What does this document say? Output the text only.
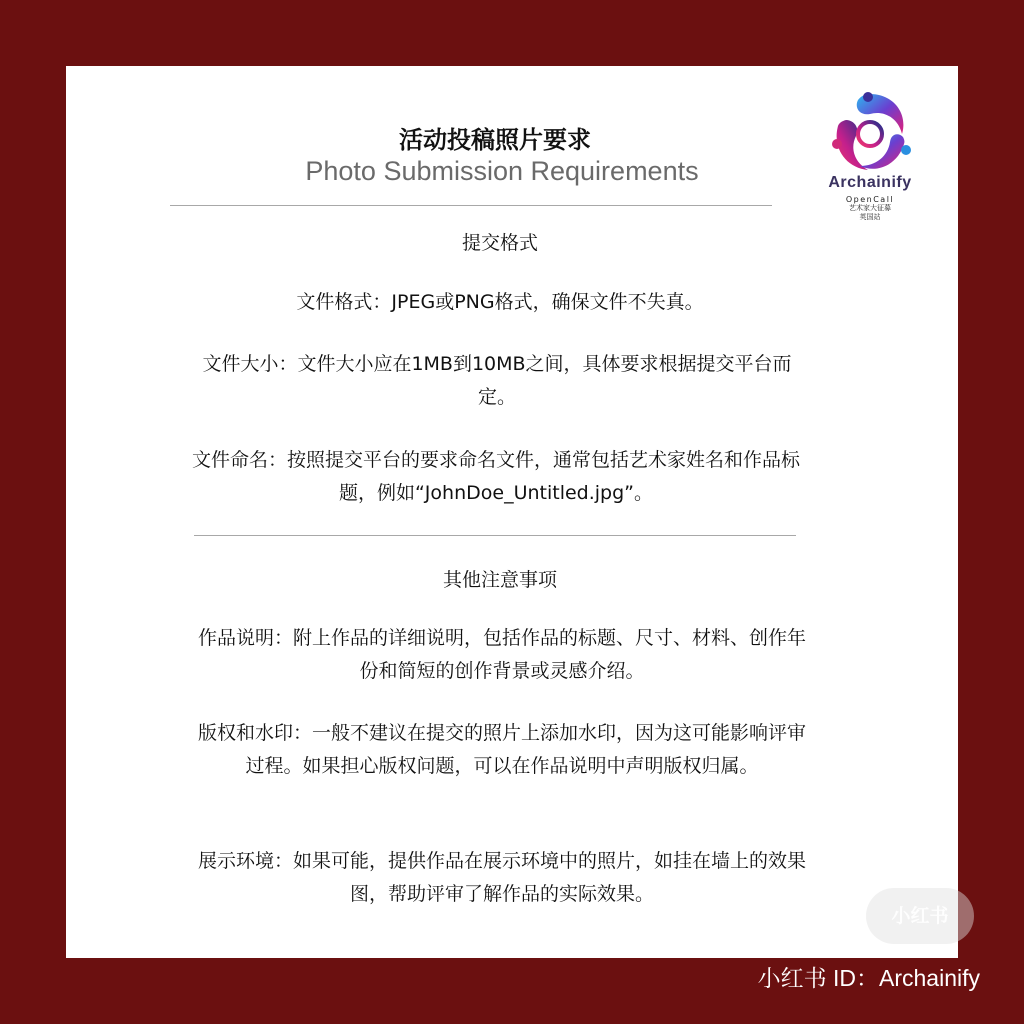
活动投稿照片要求
Photo Submission Requirements	Archainify
OpenCall
艺术家大征募
英国站
提交格式
文件格式：JPEG或PNG格式，确保文件不失真。
文件大小：文件大小应在1MB到10MB之间，具体要求根据提交平台而定。
文件命名：按照提交平台的要求命名文件，通常包括艺术家姓名和作品标题，例如“JohnDoe_Untitled.jpg”。
其他注意事项
作品说明：附上作品的详细说明，包括作品的标题、尺寸、材料、创作年份和简短的创作背景或灵感介绍。
版权和水印：一般不建议在提交的照片上添加水印，因为这可能影响评审过程。如果担心版权问题，可以在作品说明中声明版权归属。
展示环境：如果可能，提供作品在展示环境中的照片，如挂在墙上的效果图，帮助评审了解作品的实际效果。
小红书
小红书 ID：Archainify
